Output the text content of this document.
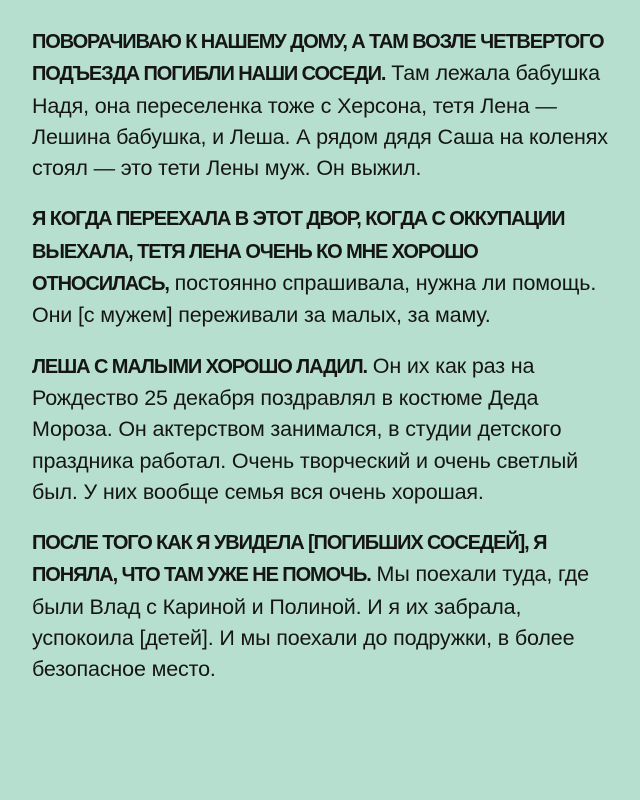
ПОВОРАЧИВАЮ К НАШЕМУ ДОМУ, А ТАМ ВОЗЛЕ ЧЕТВЕРТОГО ПОДЪЕЗДА ПОГИБЛИ НАШИ СОСЕДИ. Там лежала бабушка Надя, она переселенка тоже с Херсона, тетя Лена — Лешина бабушка, и Леша. А рядом дядя Саша на коленях стоял — это тети Лены муж. Он выжил.

Я КОГДА ПЕРЕЕХАЛА В ЭТОТ ДВОР, КОГДА С ОККУПАЦИИ ВЫЕХАЛА, ТЕТЯ ЛЕНА ОЧЕНЬ КО МНЕ ХОРОШО ОТНОСИЛАСЬ, постоянно спрашивала, нужна ли помощь. Они [с мужем] переживали за малых, за маму.

ЛЕША С МАЛЫМИ ХОРОШО ЛАДИЛ. Он их как раз на Рождество 25 декабря поздравлял в костюме Деда Мороза. Он актерством занимался, в студии детского праздника работал. Очень творческий и очень светлый был. У них вообще семья вся очень хорошая.

ПОСЛЕ ТОГО КАК Я УВИДЕЛА [ПОГИБШИХ СОСЕДЕЙ], Я ПОНЯЛА, ЧТО ТАМ УЖЕ НЕ ПОМОЧЬ. Мы поехали туда, где были Влад с Кариной и Полиной. И я их забрала, успокоила [детей]. И мы поехали до подружки, в более безопасное место.
